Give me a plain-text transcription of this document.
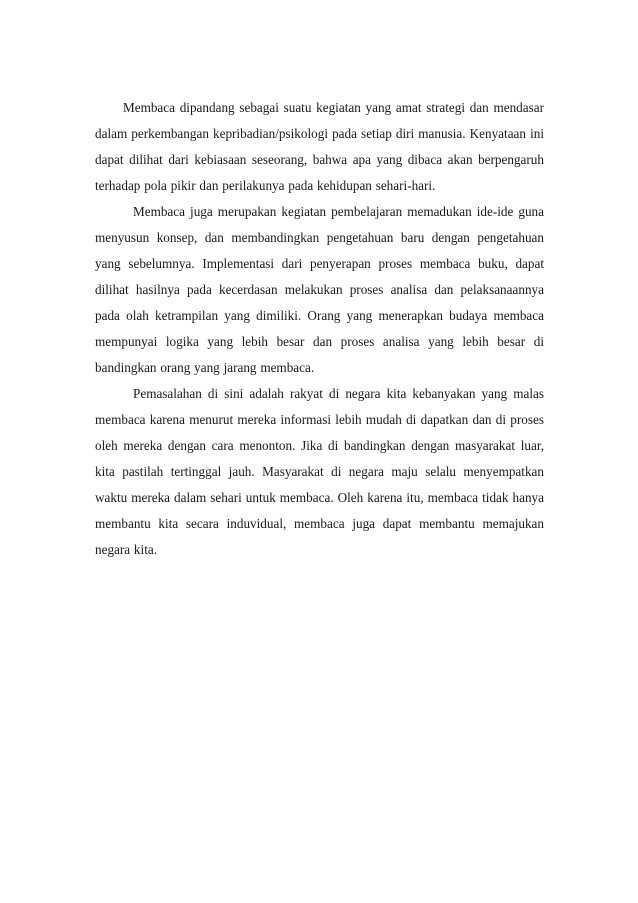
Membaca dipandang sebagai suatu kegiatan yang amat strategi dan mendasar dalam perkembangan kepribadian/psikologi pada setiap diri manusia. Kenyataan ini dapat dilihat dari kebiasaan seseorang, bahwa apa yang dibaca akan berpengaruh terhadap pola pikir dan perilakunya pada kehidupan sehari-hari.

Membaca juga merupakan kegiatan pembelajaran memadukan ide-ide guna menyusun konsep, dan membandingkan pengetahuan baru dengan pengetahuan yang sebelumnya. Implementasi dari penyerapan proses membaca buku, dapat dilihat hasilnya pada kecerdasan melakukan proses analisa dan pelaksanaannya pada olah ketrampilan yang dimiliki. Orang yang menerapkan budaya membaca mempunyai logika yang lebih besar dan proses analisa yang lebih besar di bandingkan orang yang jarang membaca.

Pemasalahan di sini adalah rakyat di negara kita kebanyakan yang malas membaca karena menurut mereka informasi lebih mudah di dapatkan dan di proses oleh mereka dengan cara menonton. Jika di bandingkan dengan masyarakat luar, kita pastilah tertinggal jauh. Masyarakat di negara maju selalu menyempatkan waktu mereka dalam sehari untuk membaca. Oleh karena itu, membaca tidak hanya membantu kita secara induvidual, membaca juga dapat membantu memajukan negara kita.
